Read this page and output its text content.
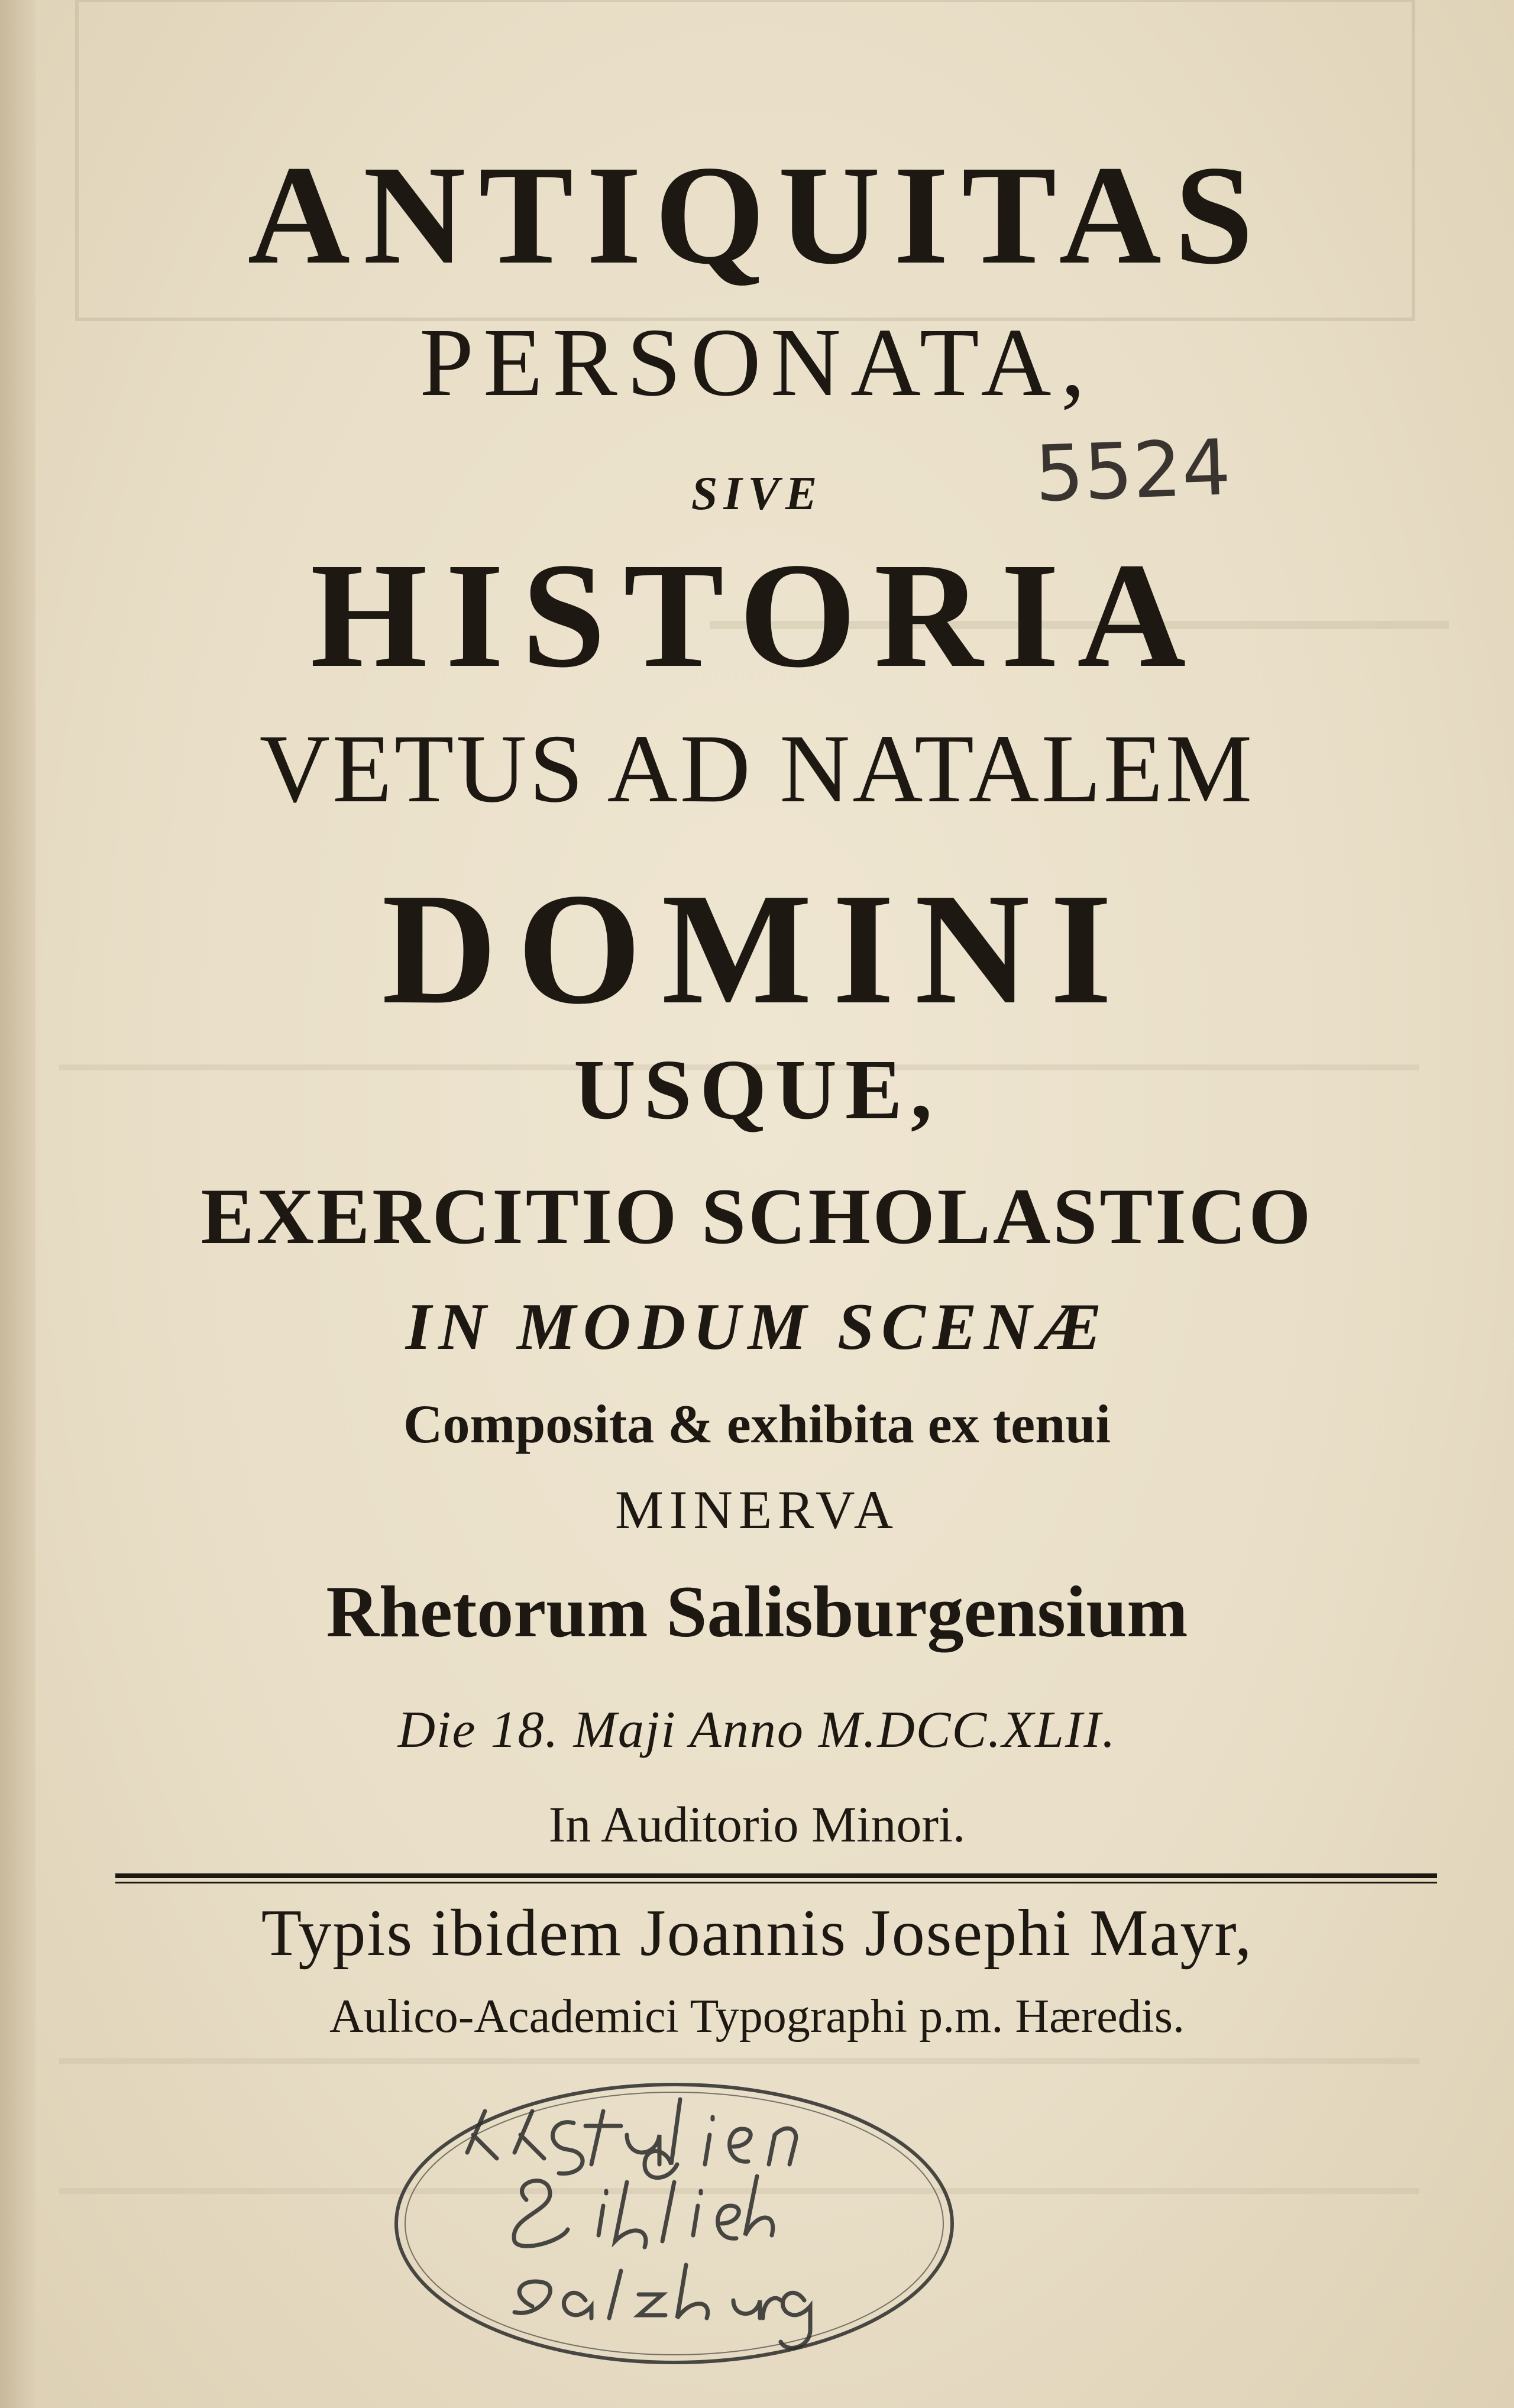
ANTIQUITAS
PERSONATA,
SIVE
HISTORIA
VETUS AD NATALEM
DOMINI
USQUE,
EXERCITIO SCHOLASTICO
IN MODUM SCENÆ
Composita & exhibita ex tenui
MINERVA
Rhetorum Salisburgensium
Die 18. Maji Anno M.DCC.XLII.
In Auditorio Minori.
Typis ibidem Joannis Josephi Mayr,
Aulico-Academici Typographi p.m. Hæredis.
5524
